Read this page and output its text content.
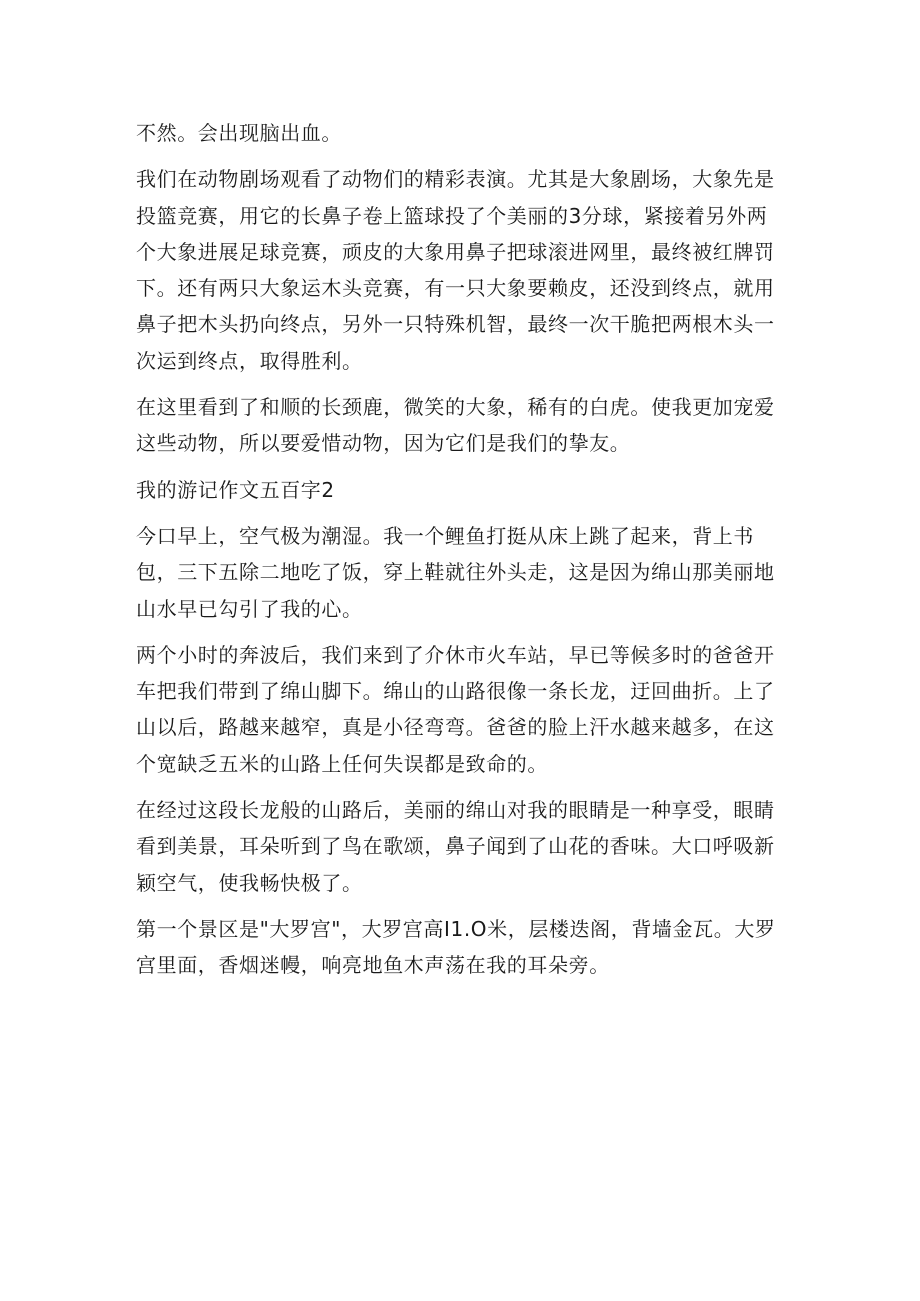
不然。会出现脑出血。

我们在动物剧场观看了动物们的精彩表演。尤其是大象剧场，大象先是投篮竞赛，用它的长鼻子卷上篮球投了个美丽的3分球，紧接着另外两个大象进展足球竞赛，顽皮的大象用鼻子把球滚进网里，最终被红牌罚下。还有两只大象运木头竞赛，有一只大象要赖皮，还没到终点，就用鼻子把木头扔向终点，另外一只特殊机智，最终一次干脆把两根木头一次运到终点，取得胜利。

在这里看到了和顺的长颈鹿，微笑的大象，稀有的白虎。使我更加宠爱这些动物，所以要爱惜动物，因为它们是我们的挚友。

我的游记作文五百字2

今口早上，空气极为潮湿。我一个鲤鱼打挺从床上跳了起来，背上书包，三下五除二地吃了饭，穿上鞋就往外头走，这是因为绵山那美丽地山水早已勾引了我的心。

两个小时的奔波后，我们来到了介休市火车站，早已等候多时的爸爸开车把我们带到了绵山脚下。绵山的山路很像一条长龙，迂回曲折。上了山以后，路越来越窄，真是小径弯弯。爸爸的脸上汗水越来越多，在这个宽缺乏五米的山路上任何失误都是致命的。

在经过这段长龙般的山路后，美丽的绵山对我的眼睛是一种享受，眼睛看到美景，耳朵听到了鸟在歌颂，鼻子闻到了山花的香味。大口呼吸新颖空气，使我畅快极了。

第一个景区是"大罗宫"，大罗宫高I1.O米，层楼迭阁，背墙金瓦。大罗宫里面，香烟迷幔，响亮地鱼木声荡在我的耳朵旁。
